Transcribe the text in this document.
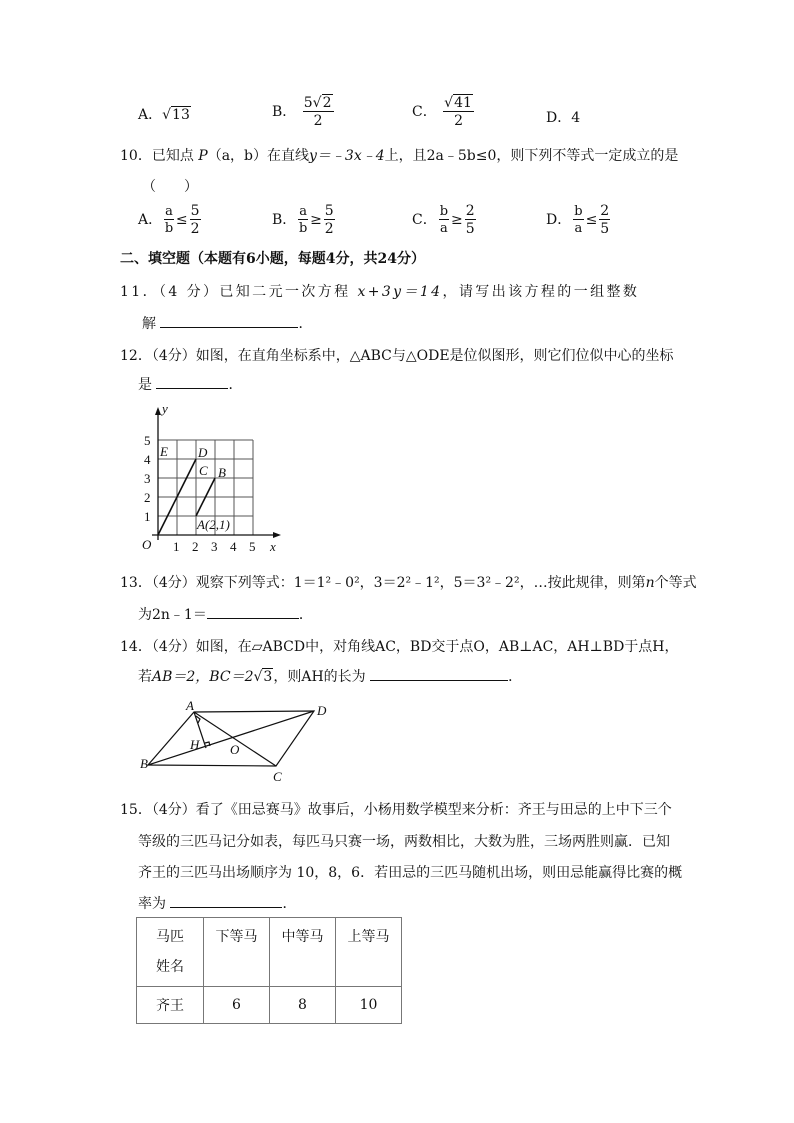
A．√13	B． $\frac{5√2}{2}$	C． $\frac{√41}{2}$	D．4
10．已知点 P（a，b）在直线y＝﹣3x﹣4上，且2a﹣5b≤0，则下列不等式一定成立的是
（　　）
A． $\frac{a}{b} \le \frac{5}{2}$	B． $\frac{a}{b} \ge \frac{5}{2}$	C． $\frac{b}{a} \ge \frac{2}{5}$	D． $\frac{b}{a} \le \frac{2}{5}$
二、填空题（本题有6小题，每题4分，共24分）
11．（4 分）已知二元一次方程 x+3y＝14，请写出该方程的一组整数
解	．
12．（4分）如图，在直角坐标系中，△ABC与△ODE是位似图形，则它们位似中心的坐标
是	．
y
x
O
E D
C B
A(2,1)
1 2 3 4 5
1
2
3
4
5
13．（4分）观察下列等式：1＝1²﹣0²，3＝2²﹣1²，5＝3²﹣2²，…按此规律，则第n个等式
为2n﹣1＝	．
14．（4分）如图，在▱ABCD中，对角线AC，BD交于点O，AB⊥AC，AH⊥BD于点H，
若AB＝2，BC＝2√3，则AH的长为	．
A
B
C
D
H O
15．（4分）看了《田忌赛马》故事后，小杨用数学模型来分析：齐王与田忌的上中下三个
等级的三匹马记分如表，每匹马只赛一场，两数相比，大数为胜，三场两胜则赢．已知
齐王的三匹马出场顺序为 10，8，6．若田忌的三匹马随机出场，则田忌能赢得比赛的概
率为	．
马匹
姓名	下等马	中等马	上等马
齐王	6	8	10
